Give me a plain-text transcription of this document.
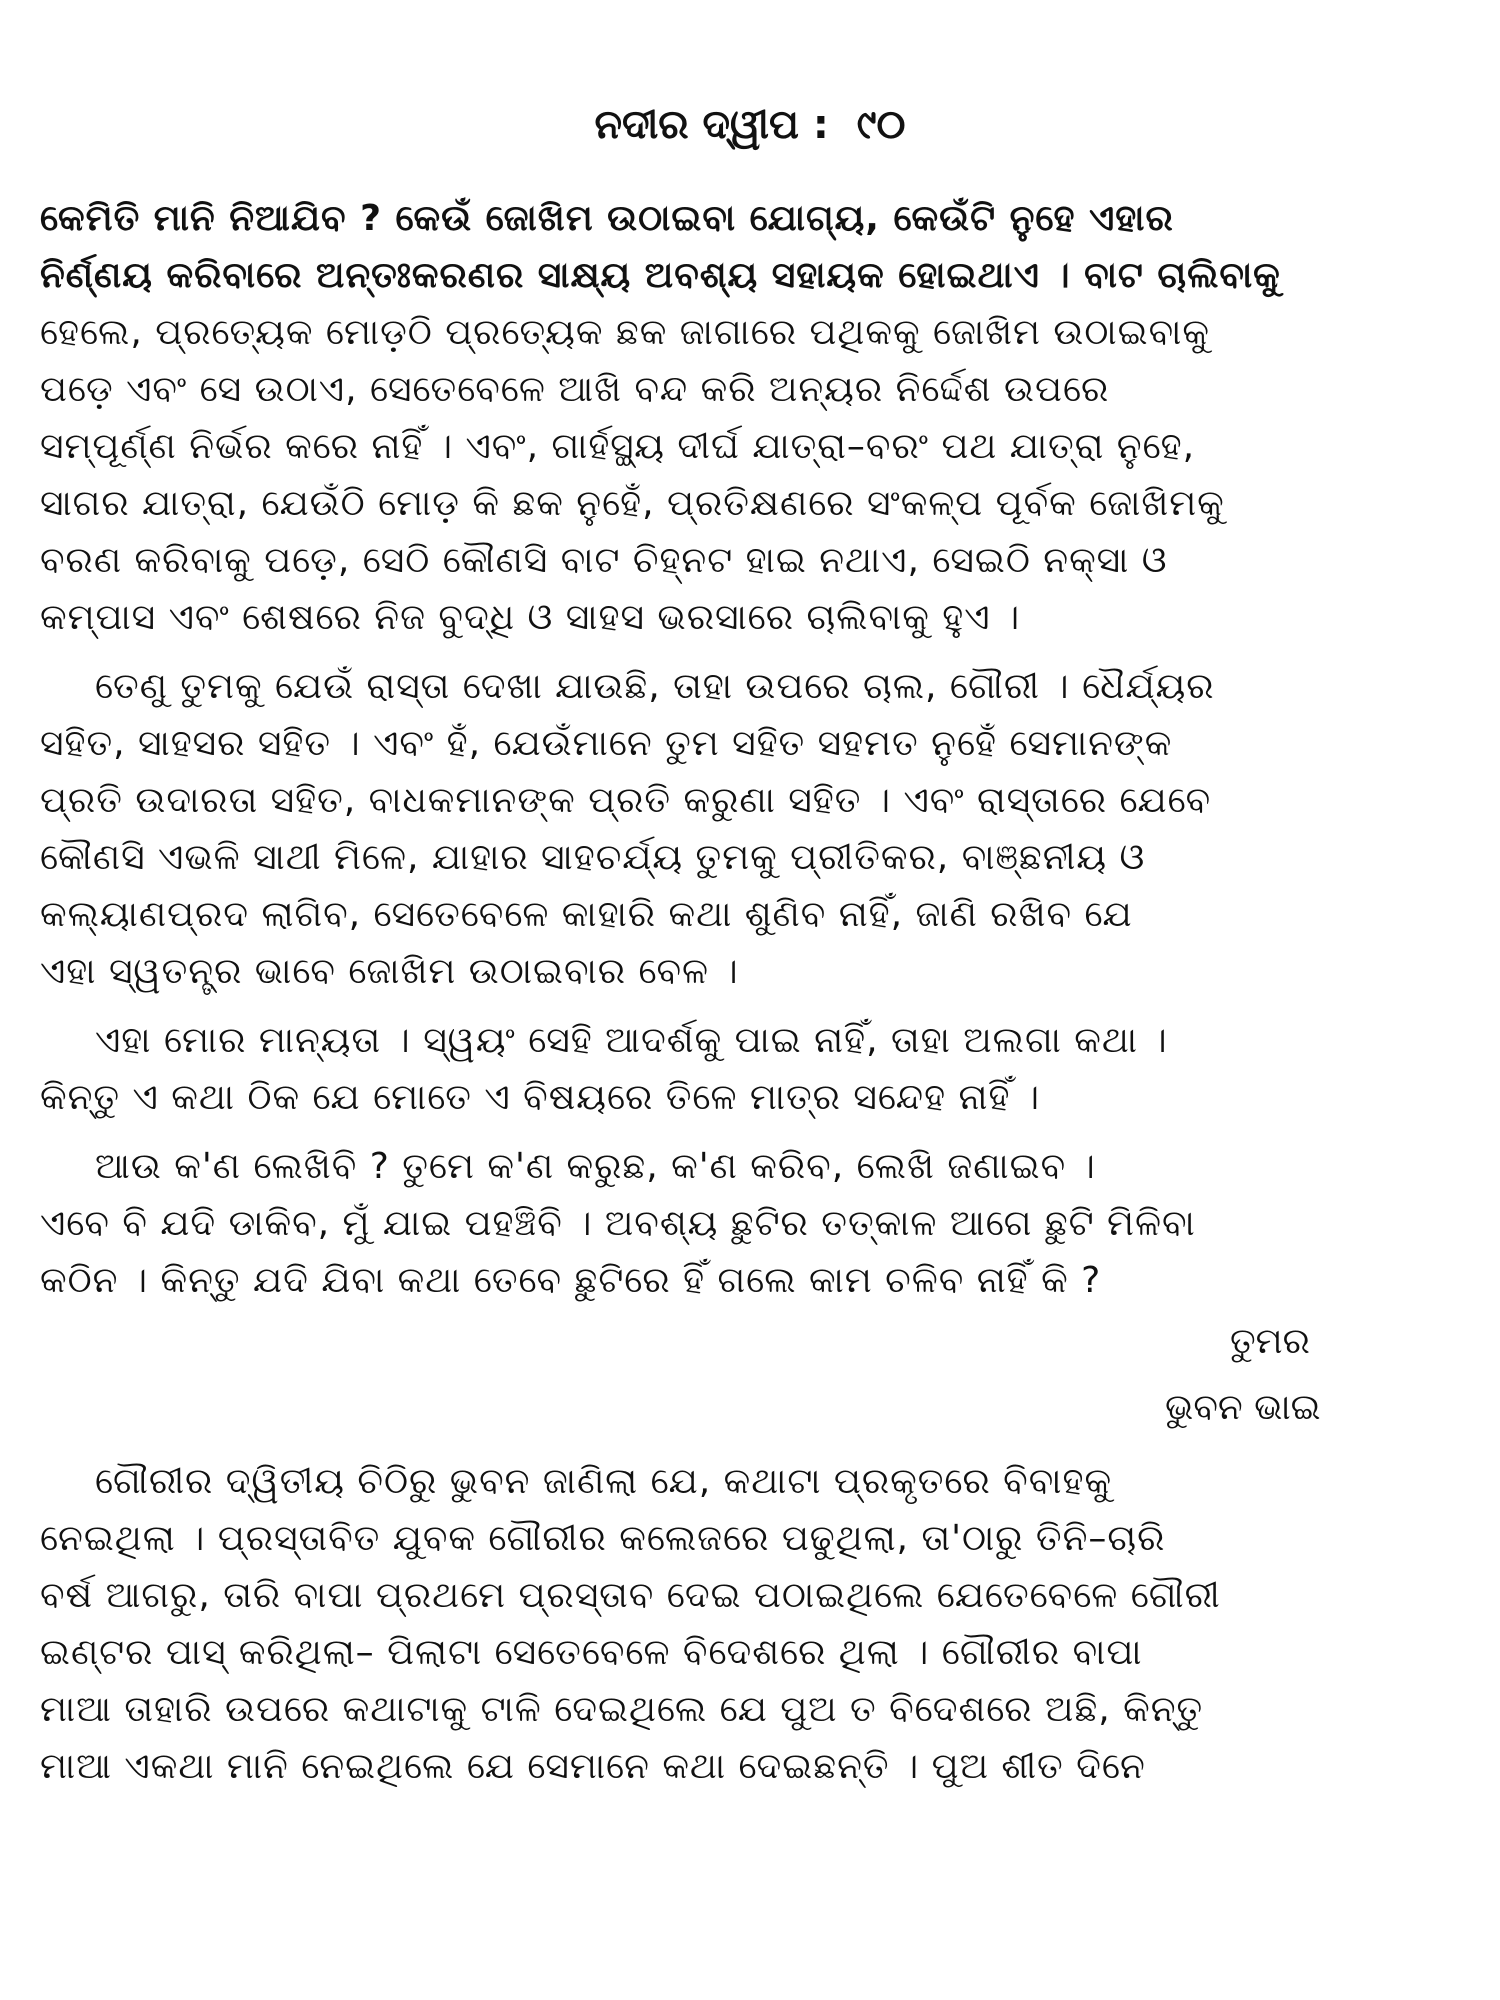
ନଦୀର ଦ୍ୱୀପ :  ୯୦
କେମିତି ମାନି ନିଆଯିବ ? କେଉଁ ଜୋଖିମ ଉଠାଇବା ଯୋଗ୍ୟ, କେଉଁଟି ନୁହେ ଏହାର
ନିର୍ଣ୍ଣୟ କରିବାରେ ଅନ୍ତଃକରଣର ସାକ୍ଷ୍ୟ ଅବଶ୍ୟ ସହାୟକ ହୋଇଥାଏ । ବାଟ ଚାଲିବାକୁ
ହେଲେ, ପ୍ରତ୍ୟେକ ମୋଡ଼ଠି ପ୍ରତ୍ୟେକ ଛକ ଜାଗାରେ ପଥିକକୁ ଜୋଖିମ ଉଠାଇବାକୁ
ପଡ଼େ ଏବଂ ସେ ଉଠାଏ, ସେତେବେଳେ ଆଖି ବନ୍ଦ କରି ଅନ୍ୟର ନିର୍ଦ୍ଦେଶ ଉପରେ
ସମ୍ପୂର୍ଣ୍ଣ ନିର୍ଭର କରେ ନାହିଁ । ଏବଂ, ଗାର୍ହସ୍ଥ୍ୟ ଦୀର୍ଘ ଯାତ୍ରା–ବରଂ ପଥ ଯାତ୍ରା ନୁହେ,
ସାଗର ଯାତ୍ରା, ଯେଉଁଠି ମୋଡ଼ କି ଛକ ନୁହେଁ, ପ୍ରତିକ୍ଷଣରେ ସଂକଳ୍ପ ପୂର୍ବକ ଜୋଖିମକୁ
ବରଣ କରିବାକୁ ପଡ଼େ, ସେଠି କୌଣସି ବାଟ ଚିହ୍ନଟ ହାଇ ନଥାଏ, ସେଇଠି ନକ୍ସା ଓ
କମ୍ପାସ ଏବଂ ଶେଷରେ ନିଜ ବୁଦ୍ଧି ଓ ସାହସ ଭରସାରେ ଚାଲିବାକୁ ହୁଏ ।
ତେଣୁ ତୁମକୁ ଯେଉଁ ରାସ୍ତା ଦେଖା ଯାଉଛି, ତାହା ଉପରେ ଚାଲ, ଗୌରୀ । ଧୈର୍ଯ୍ୟର
ସହିତ, ସାହସର ସହିତ । ଏବଂ ହଁ, ଯେଉଁମାନେ ତୁମ ସହିତ ସହମତ ନୁହେଁ ସେମାନଙ୍କ
ପ୍ରତି ଉଦାରତା ସହିତ, ବାଧକମାନଙ୍କ ପ୍ରତି କରୁଣା ସହିତ । ଏବଂ ରାସ୍ତାରେ ଯେବେ
କୌଣସି ଏଭଳି ସାଥୀ ମିଳେ, ଯାହାର ସାହଚର୍ଯ୍ୟ ତୁମକୁ ପ୍ରୀତିକର, ବାଞ୍ଛନୀୟ ଓ
କଲ୍ୟାଣପ୍ରଦ ଲାଗିବ, ସେତେବେଳେ କାହାରି କଥା ଶୁଣିବ ନାହିଁ, ଜାଣି ରଖିବ ଯେ
ଏହା ସ୍ୱତନ୍ତ୍ର ଭାବେ ଜୋଖିମ ଉଠାଇବାର ବେଳ ।
ଏହା ମୋର ମାନ୍ୟତା । ସ୍ୱୟଂ ସେହି ଆଦର୍ଶକୁ ପାଇ ନାହିଁ, ତାହା ଅଲଗା କଥା ।
କିନ୍ତୁ ଏ କଥା ଠିକ ଯେ ମୋତେ ଏ ବିଷୟରେ ତିଳେ ମାତ୍ର ସନ୍ଦେହ ନାହିଁ ।
ଆଉ କ'ଣ ଲେଖିବି ? ତୁମେ କ'ଣ କରୁଛ, କ'ଣ କରିବ, ଲେଖି ଜଣାଇବ ।
ଏବେ ବି ଯଦି ଡାକିବ, ମୁଁ ଯାଇ ପହଞ୍ଚିବି । ଅବଶ୍ୟ ଛୁଟିର ତତ୍‌କାଳ ଆଗେ ଛୁଟି ମିଳିବା
କଠିନ । କିନ୍ତୁ ଯଦି ଯିବା କଥା ତେବେ ଛୁଟିରେ ହିଁ ଗଲେ କାମ ଚଳିବ ନାହିଁ କି ?
ତୁମର
ଭୁବନ ଭାଇ
ଗୌରୀର ଦ୍ୱିତୀୟ ଚିଠିରୁ ଭୁବନ ଜାଣିଲା ଯେ, କଥାଟା ପ୍ରକୃତରେ ବିବାହକୁ
ନେଇଥିଲା । ପ୍ରସ୍ତାବିତ ଯୁବକ ଗୌରୀର କଲେଜରେ ପଢୁଥିଲା, ତା'ଠାରୁ ତିନି–ଚାରି
ବର୍ଷ ଆଗରୁ, ତାରି ବାପା ପ୍ରଥମେ ପ୍ରସ୍ତାବ ଦେଇ ପଠାଇଥିଲେ ଯେତେବେଳେ ଗୌରୀ
ଇଣ୍ଟର ପାସ୍ କରିଥିଲା– ପିଲାଟା ସେତେବେଳେ ବିଦେଶରେ ଥିଲା । ଗୌରୀର ବାପା
ମାଆ ତାହାରି ଉପରେ କଥାଟାକୁ ଟାଳି ଦେଇଥିଲେ ଯେ ପୁଅ ତ ବିଦେଶରେ ଅଛି, କିନ୍ତୁ
ମାଆ ଏକଥା ମାନି ନେଇଥିଲେ ଯେ ସେମାନେ କଥା ଦେଇଛନ୍ତି । ପୁଅ ଶୀତ ଦିନେ
